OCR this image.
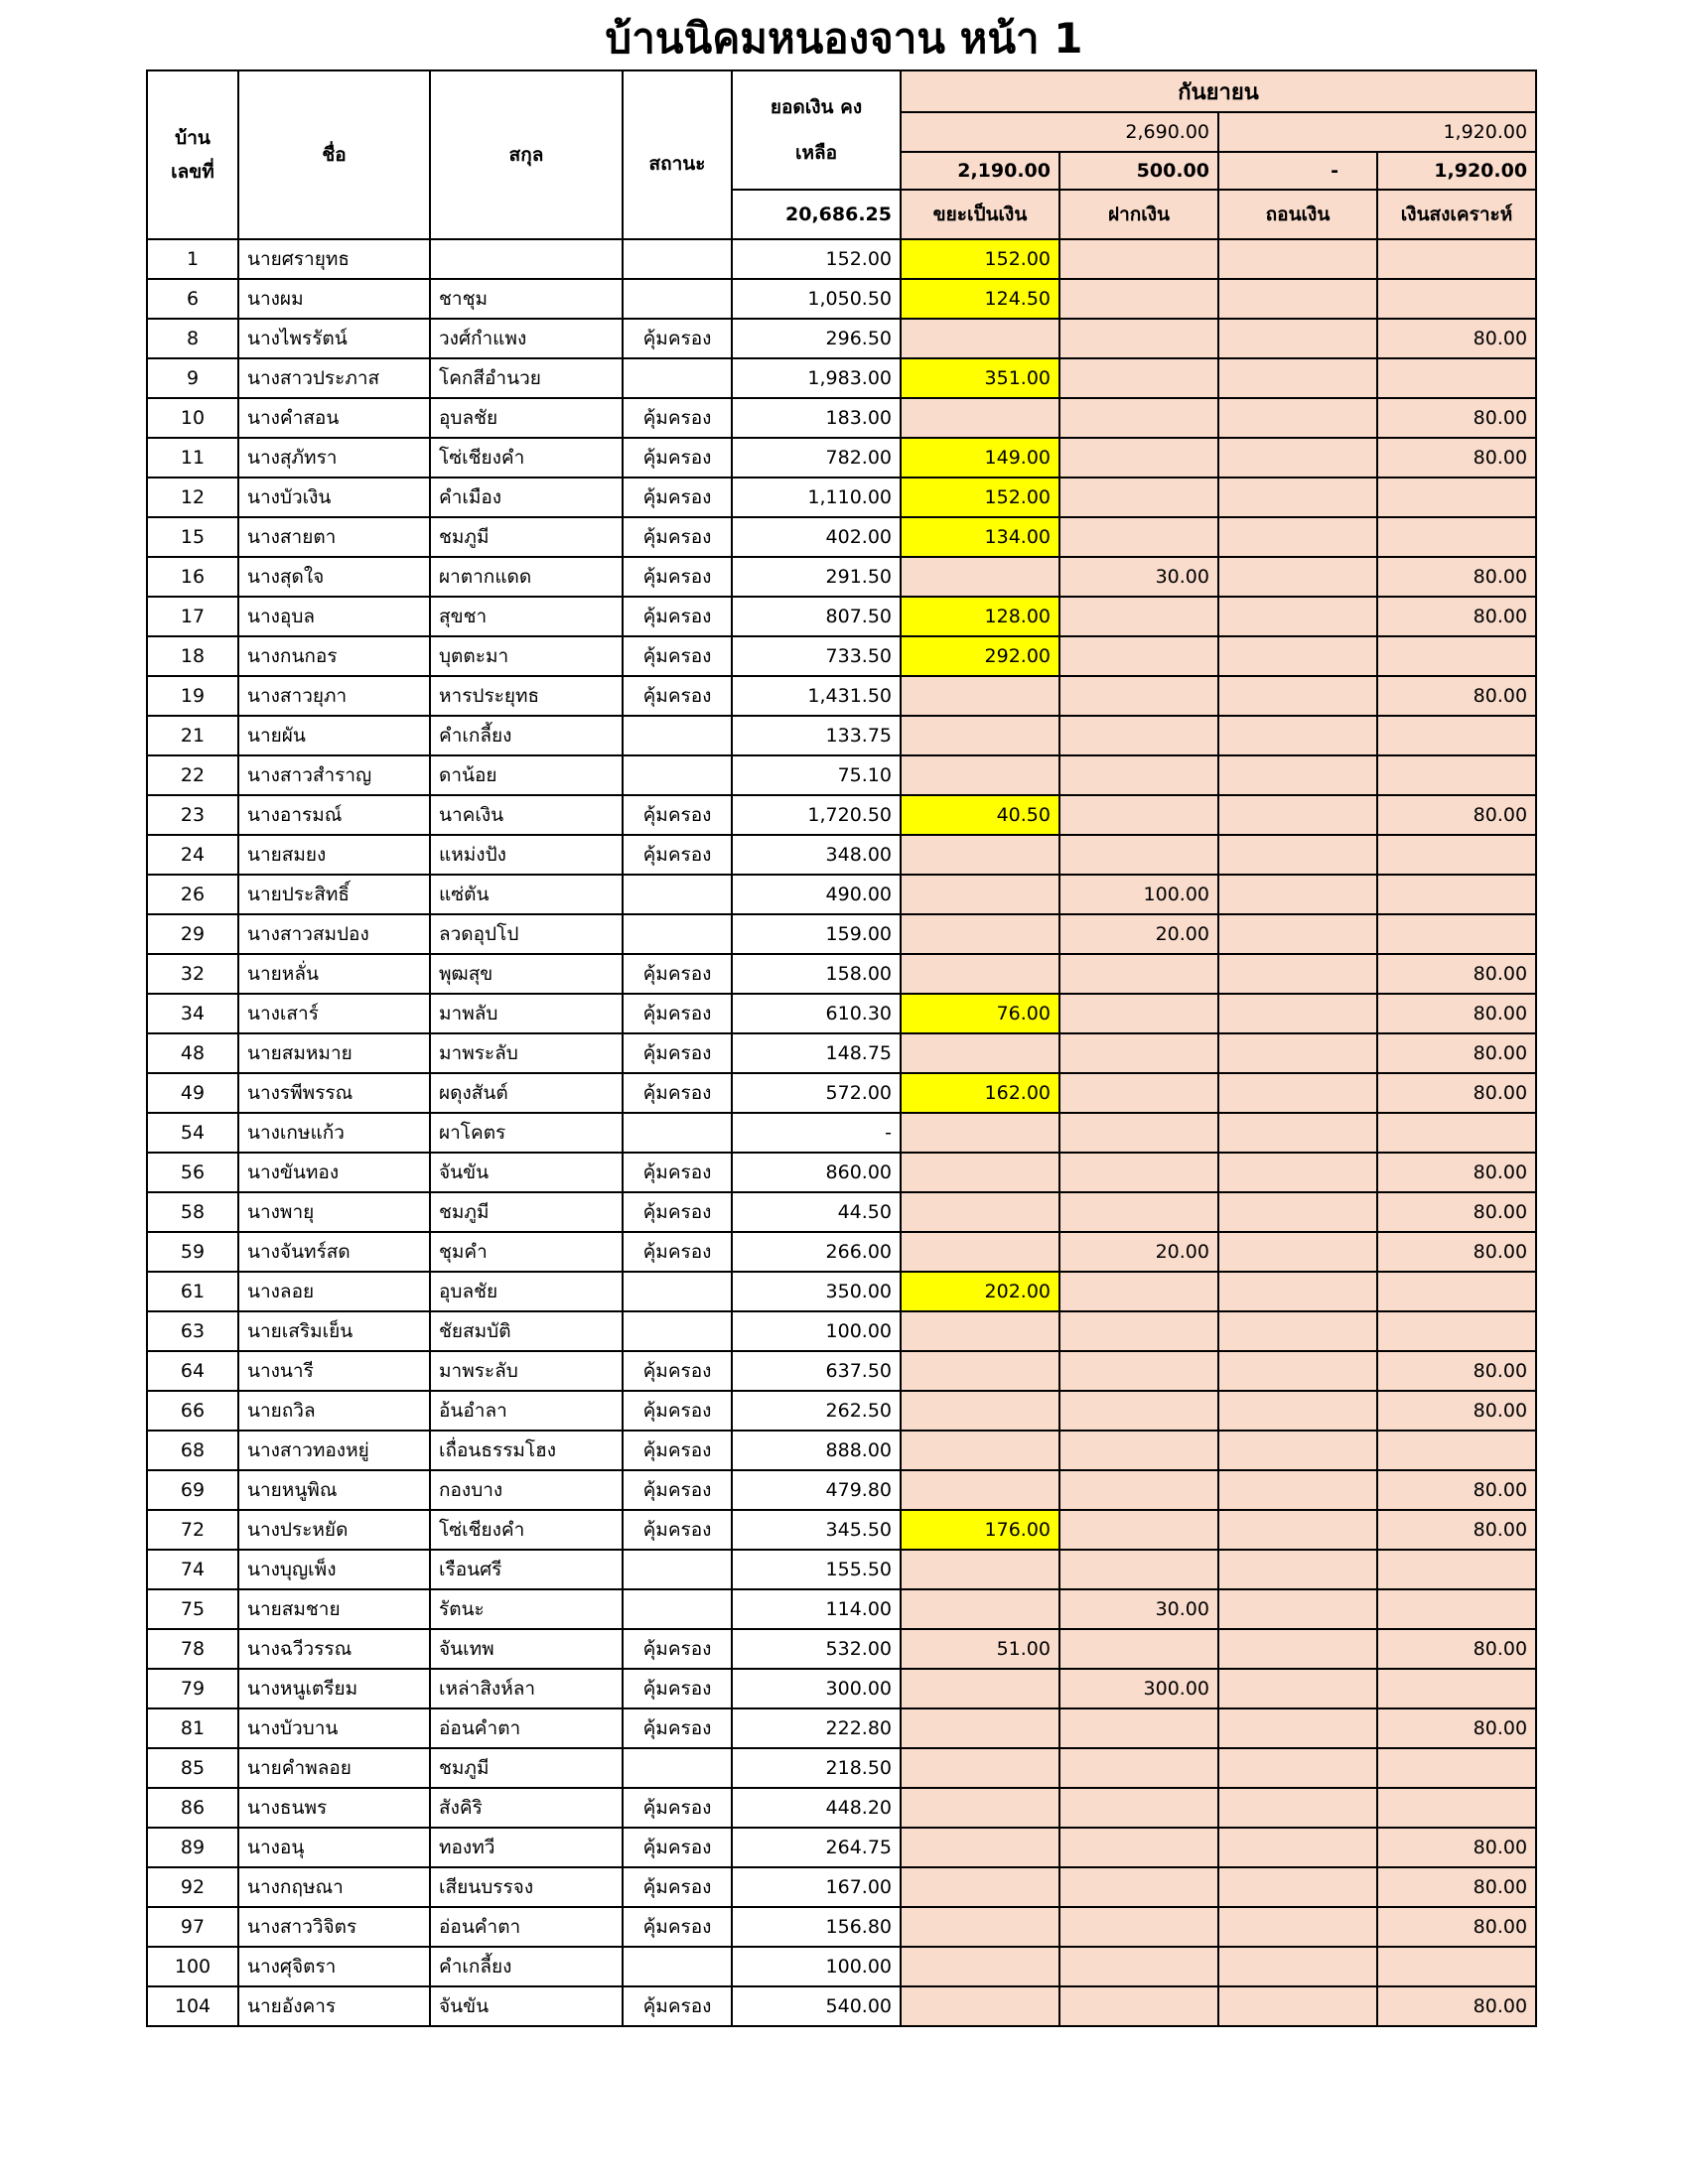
บ้านนิคมหนองจาน หน้า 1
บ้าน เลขที่	ชื่อ	สกุล	สถานะ	ยอดเงิน คงเหลือ	กันยายน			
					2,690.00		1,920.00	
					2,190.00	500.00	-	1,920.00
				20,686.25	ขยะเป็นเงิน	ฝากเงิน	ถอนเงิน	เงินสงเคราะห์
1	นายศรายุทธ			152.00	152.00			
6	นางผม	ชาชุม		1,050.50	124.50			
8	นางไพรรัตน์	วงศ์กำแพง	คุ้มครอง	296.50				80.00
9	นางสาวประภาส	โคกสีอำนวย		1,983.00	351.00			
10	นางคำสอน	อุบลชัย	คุ้มครอง	183.00				80.00
11	นางสุภัทรา	โซ่เชียงคำ	คุ้มครอง	782.00	149.00			80.00
12	นางบัวเงิน	คำเมือง	คุ้มครอง	1,110.00	152.00			
15	นางสายตา	ชมภูมี	คุ้มครอง	402.00	134.00			
16	นางสุดใจ	ผาตากแดด	คุ้มครอง	291.50		30.00		80.00
17	นางอุบล	สุขชา	คุ้มครอง	807.50	128.00			80.00
18	นางกนกอร	บุตตะมา	คุ้มครอง	733.50	292.00			
19	นางสาวยุภา	หารประยุทธ	คุ้มครอง	1,431.50				80.00
21	นายผัน	คำเกลี้ยง		133.75				
22	นางสาวสำราญ	ดาน้อย		75.10				
23	นางอารมณ์	นาคเงิน	คุ้มครอง	1,720.50	40.50			80.00
24	นายสมยง	แหม่งปัง	คุ้มครอง	348.00				
26	นายประสิทธิ์	แซ่ตัน		490.00		100.00		
29	นางสาวสมปอง	ลวดอุปโป		159.00		20.00		
32	นายหลั่น	พุฒสุข	คุ้มครอง	158.00				80.00
34	นางเสาร์	มาพลับ	คุ้มครอง	610.30	76.00			80.00
48	นายสมหมาย	มาพระลับ	คุ้มครอง	148.75				80.00
49	นางรพีพรรณ	ผดุงสันต์	คุ้มครอง	572.00	162.00			80.00
54	นางเกษแก้ว	ผาโคตร		-				
56	นางขันทอง	จันขัน	คุ้มครอง	860.00				80.00
58	นางพายุ	ชมภูมี	คุ้มครอง	44.50				80.00
59	นางจันทร์สด	ชุมคำ	คุ้มครอง	266.00		20.00		80.00
61	นางลอย	อุบลชัย		350.00	202.00			
63	นายเสริมเย็น	ชัยสมบัติ		100.00				
64	นางนารี	มาพระลับ	คุ้มครอง	637.50				80.00
66	นายถวิล	อ้นอำลา	คุ้มครอง	262.50				80.00
68	นางสาวทองหยู่	เถื่อนธรรมโฮง	คุ้มครอง	888.00				
69	นายหนูพิณ	กองบาง	คุ้มครอง	479.80				80.00
72	นางประหยัด	โซ่เชียงคำ	คุ้มครอง	345.50	176.00			80.00
74	นางบุญเพ็ง	เรือนศรี		155.50				
75	นายสมชาย	รัตนะ		114.00		30.00		
78	นางฉวีวรรณ	จันเทพ	คุ้มครอง	532.00	51.00			80.00
79	นางหนูเตรียม	เหล่าสิงห์ลา	คุ้มครอง	300.00		300.00		
81	นางบัวบาน	อ่อนคำตา	คุ้มครอง	222.80				80.00
85	นายคำพลอย	ชมภูมี		218.50				
86	นางธนพร	สังคิริ	คุ้มครอง	448.20				
89	นางอนุ	ทองทวี	คุ้มครอง	264.75				80.00
92	นางกฤษณา	เสียนบรรจง	คุ้มครอง	167.00				80.00
97	นางสาววิจิตร	อ่อนคำตา	คุ้มครอง	156.80				80.00
100	นางศุจิตรา	คำเกลี้ยง		100.00				
104	นายอังคาร	จันขัน	คุ้มครอง	540.00				80.00
